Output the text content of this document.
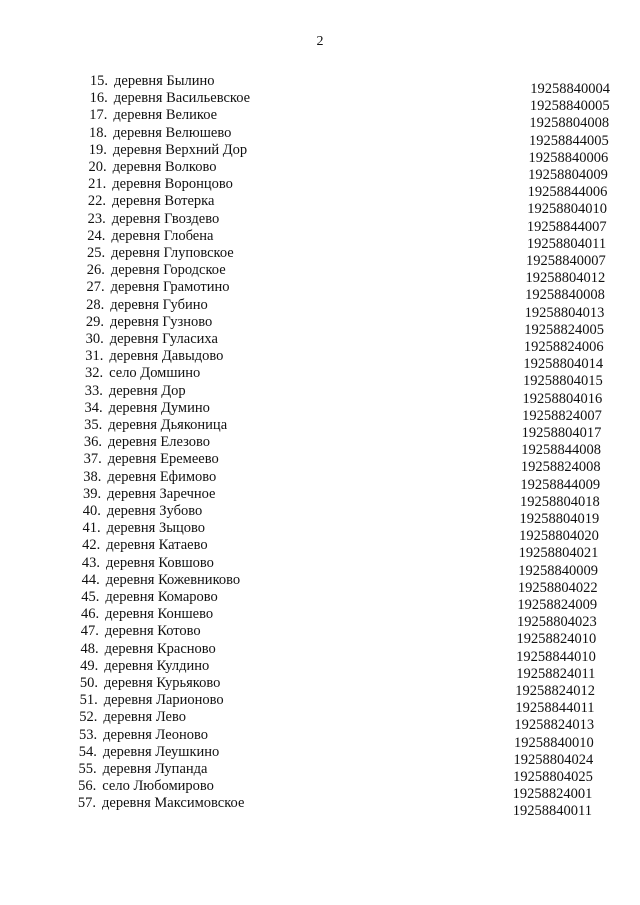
2
15. деревня Былино	19258840004
16. деревня Васильевское	19258840005
17. деревня Великое	19258804008
18. деревня Велюшево	19258844005
19. деревня Верхний Дор	19258840006
20. деревня Волково	19258804009
21. деревня Воронцово	19258844006
22. деревня Вотерка	19258804010
23. деревня Гвоздево	19258844007
24. деревня Глобена	19258804011
25. деревня Глуповское	19258840007
26. деревня Городское	19258804012
27. деревня Грамотино	19258840008
28. деревня Губино	19258804013
29. деревня Гузново	19258824005
30. деревня Гуласиха	19258824006
31. деревня Давыдово	19258804014
32. село Домшино	19258804015
33. деревня Дор	19258804016
34. деревня Думино	19258824007
35. деревня Дьяконица	19258804017
36. деревня Елезово	19258844008
37. деревня Еремеево	19258824008
38. деревня Ефимово	19258844009
39. деревня Заречное	19258804018
40. деревня Зубово	19258804019
41. деревня Зыцово	19258804020
42. деревня Катаево	19258804021
43. деревня Ковшово	19258840009
44. деревня Кожевниково	19258804022
45. деревня Комарово	19258824009
46. деревня Коншево	19258804023
47. деревня Котово	19258824010
48. деревня Красново	19258844010
49. деревня Кулдино	19258824011
50. деревня Курьяково	19258824012
51. деревня Ларионово	19258844011
52. деревня Лево	19258824013
53. деревня Леоново	19258840010
54. деревня Леушкино	19258804024
55. деревня Лупанда	19258804025
56. село Любомирово	19258824001
57. деревня Максимовское	19258840011
